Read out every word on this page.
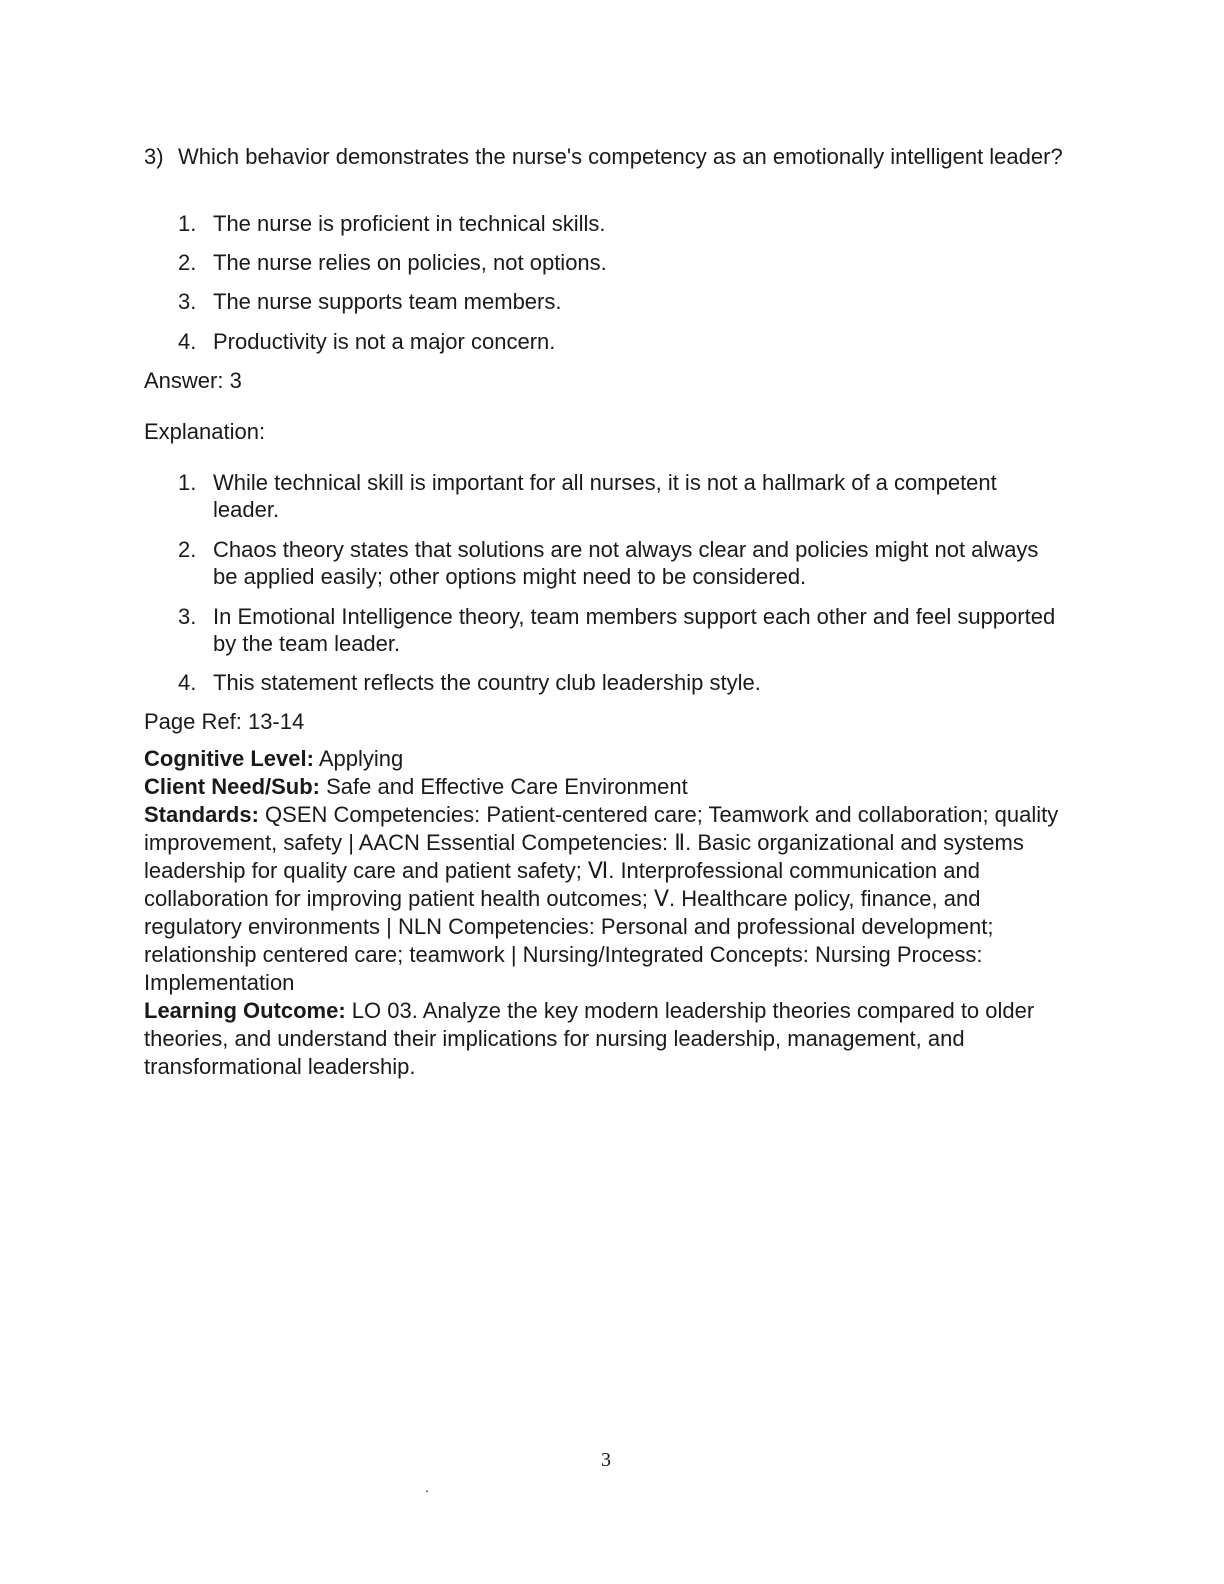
3) Which behavior demonstrates the nurse's competency as an emotionally intelligent leader?
1. The nurse is proficient in technical skills.
2. The nurse relies on policies, not options.
3. The nurse supports team members.
4. Productivity is not a major concern.
Answer: 3
Explanation:
1. While technical skill is important for all nurses, it is not a hallmark of a competent leader.
2. Chaos theory states that solutions are not always clear and policies might not always be applied easily; other options might need to be considered.
3. In Emotional Intelligence theory, team members support each other and feel supported by the team leader.
4. This statement reflects the country club leadership style.
Page Ref: 13-14
Cognitive Level: Applying
Client Need/Sub: Safe and Effective Care Environment
Standards: QSEN Competencies: Patient-centered care; Teamwork and collaboration; quality improvement, safety | AACN Essential Competencies: Ⅱ. Basic organizational and systems leadership for quality care and patient safety; Ⅵ. Interprofessional communication and collaboration for improving patient health outcomes; Ⅴ. Healthcare policy, finance, and regulatory environments | NLN Competencies: Personal and professional development; relationship centered care; teamwork | Nursing/Integrated Concepts: Nursing Process: Implementation
Learning Outcome: LO 03. Analyze the key modern leadership theories compared to older theories, and understand their implications for nursing leadership, management, and transformational leadership.
3
.
